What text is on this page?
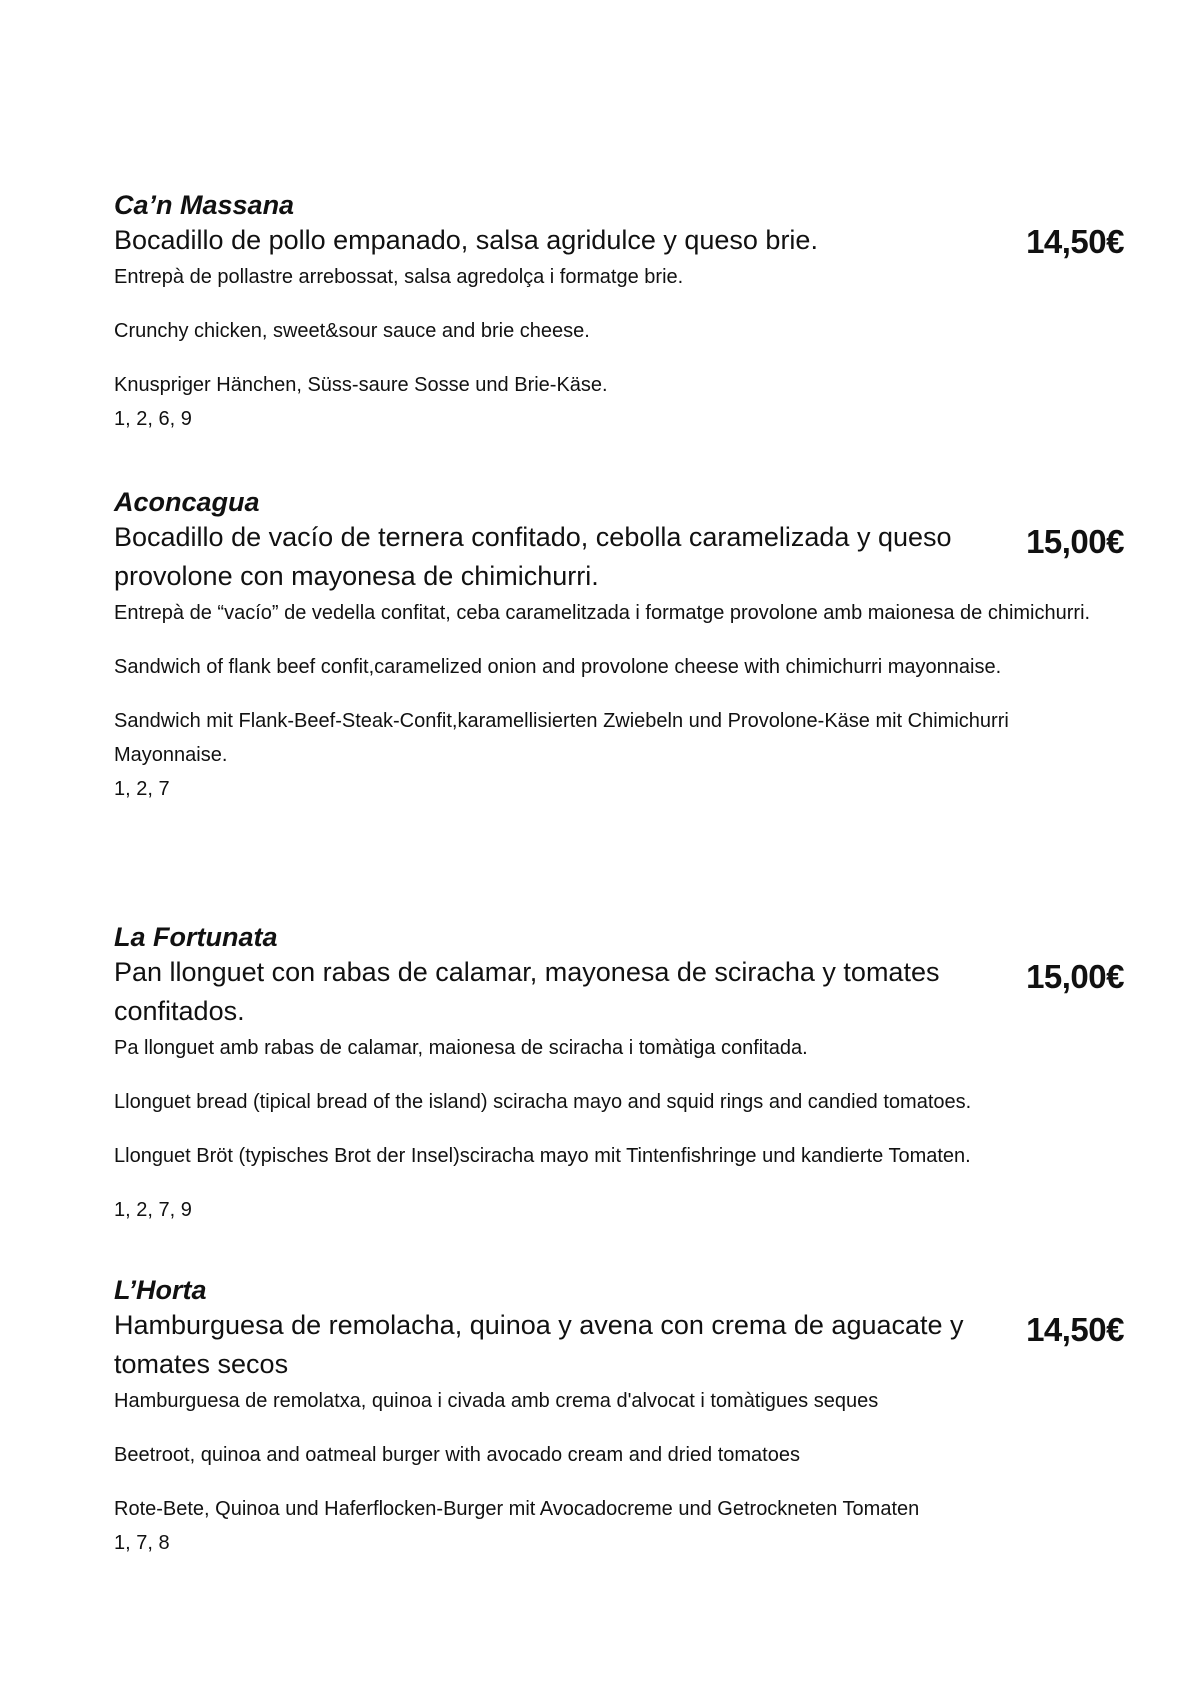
Ca’n Massana
14,50€

Bocadillo de pollo empanado, salsa agridulce y queso brie.

Entrepà de pollastre arrebossat, salsa agredolça i formatge brie.

Crunchy chicken, sweet&sour sauce and brie cheese.

Knuspriger Hänchen, Süss-saure Sosse und Brie-Käse.

1, 2, 6, 9

Aconcagua
15,00€

Bocadillo de vacío de ternera confitado, cebolla caramelizada y queso provolone con mayonesa de chimichurri.

Entrepà de “vacío” de vedella confitat, ceba caramelitzada i formatge provolone amb maionesa de chimichurri.

Sandwich of flank beef confit,caramelized onion and provolone cheese with chimichurri mayonnaise.

Sandwich mit Flank-Beef-Steak-Confit,karamellisierten Zwiebeln und Provolone-Käse mit Chimichurri Mayonnaise.

1, 2, 7

La Fortunata
15,00€

Pan llonguet con rabas de calamar, mayonesa de sciracha y tomates confitados.

Pa llonguet amb rabas de calamar, maionesa de sciracha i tomàtiga confitada.

Llonguet bread (tipical bread of the island) sciracha mayo and squid rings and candied tomatoes.

Llonguet Bröt (typisches Brot der Insel)sciracha mayo mit Tintenfishringe und kandierte Tomaten.

1, 2, 7, 9

L’Horta
14,50€

Hamburguesa de remolacha, quinoa y avena con crema de aguacate y tomates secos

Hamburguesa de remolatxa, quinoa i civada amb crema d'alvocat i tomàtigues seques

Beetroot, quinoa and oatmeal burger with avocado cream and dried tomatoes

Rote-Bete, Quinoa und Haferflocken-Burger mit Avocadocreme und Getrockneten Tomaten

1, 7, 8
